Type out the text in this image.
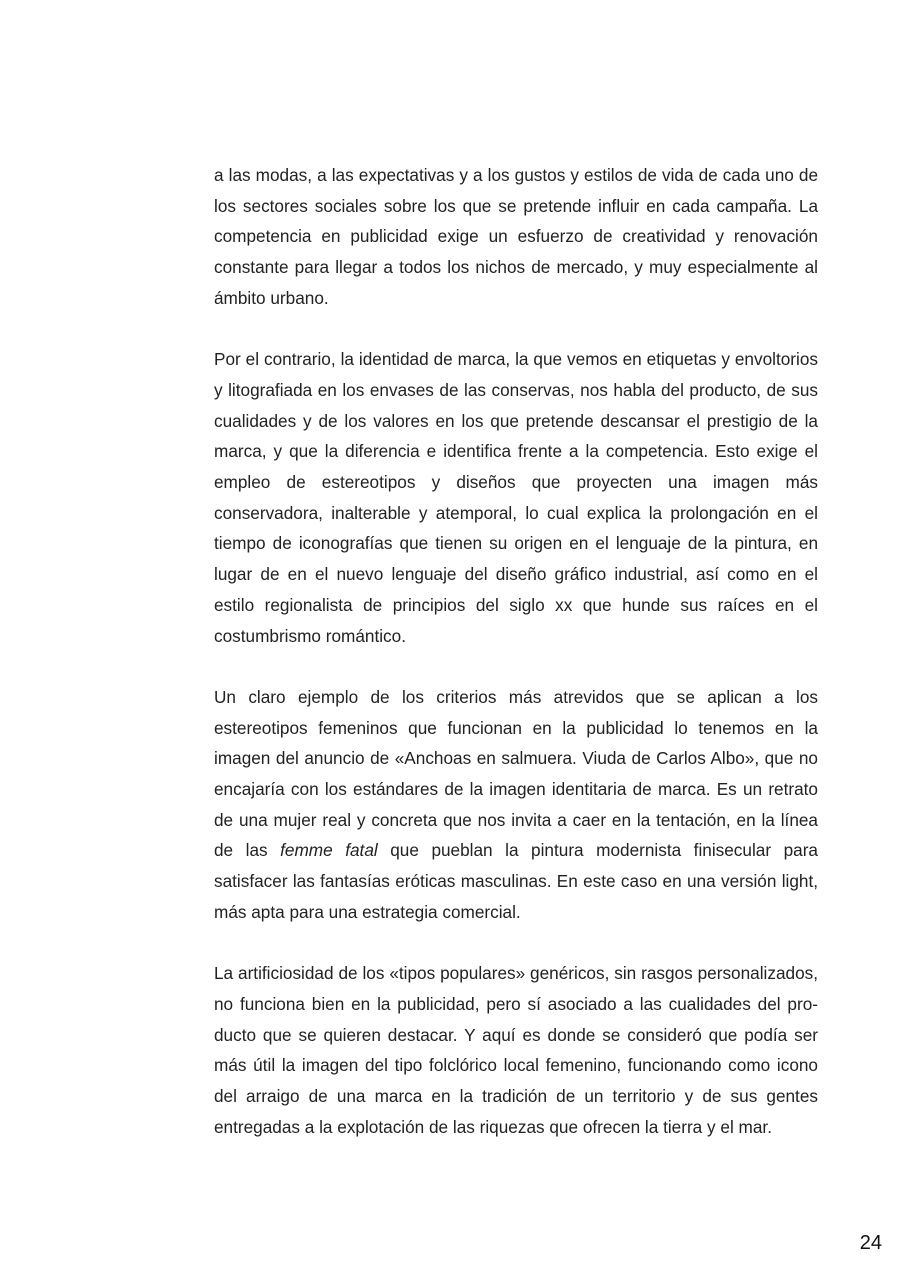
a las modas, a las expectativas y a los gustos y estilos de vida de cada uno de los sectores sociales sobre los que se pretende influir en cada campaña. La competencia en publicidad exige un esfuerzo de creatividad y renovación constante para llegar a todos los nichos de mercado, y muy especialmente al ámbito urbano.

Por el contrario, la identidad de marca, la que vemos en etiquetas y envoltorios y litografiada en los envases de las conservas, nos habla del producto, de sus cualidades y de los valores en los que pretende descansar el prestigio de la marca, y que la diferencia e identifica frente a la competencia. Esto exige el empleo de estereotipos y diseños que proyecten una imagen más conservadora, inalterable y atemporal, lo cual explica la prolongación en el tiempo de iconografías que tienen su origen en el lenguaje de la pintura, en lugar de en el nuevo lenguaje del diseño gráfico industrial, así como en el estilo regionalista de principios del siglo xx que hunde sus raíces en el costumbrismo romántico.

Un claro ejemplo de los criterios más atrevidos que se aplican a los estereotipos femeninos que funcionan en la publicidad lo tenemos en la imagen del anuncio de «Anchoas en salmuera. Viuda de Carlos Albo», que no encajaría con los estándares de la imagen identitaria de marca. Es un retrato de una mujer real y concreta que nos invita a caer en la tentación, en la línea de las femme fatal que pueblan la pintura modernista finisecular para satisfacer las fantasías eróticas masculinas. En este caso en una versión light, más apta para una estrategia comercial.

La artificiosidad de los «tipos populares» genéricos, sin rasgos personalizados, no funciona bien en la publicidad, pero sí asociado a las cualidades del producto que se quieren destacar. Y aquí es donde se consideró que podía ser más útil la imagen del tipo folclórico local femenino, funcionando como icono del arraigo de una marca en la tradición de un territorio y de sus gentes entregadas a la explotación de las riquezas que ofrecen la tierra y el mar.

24
